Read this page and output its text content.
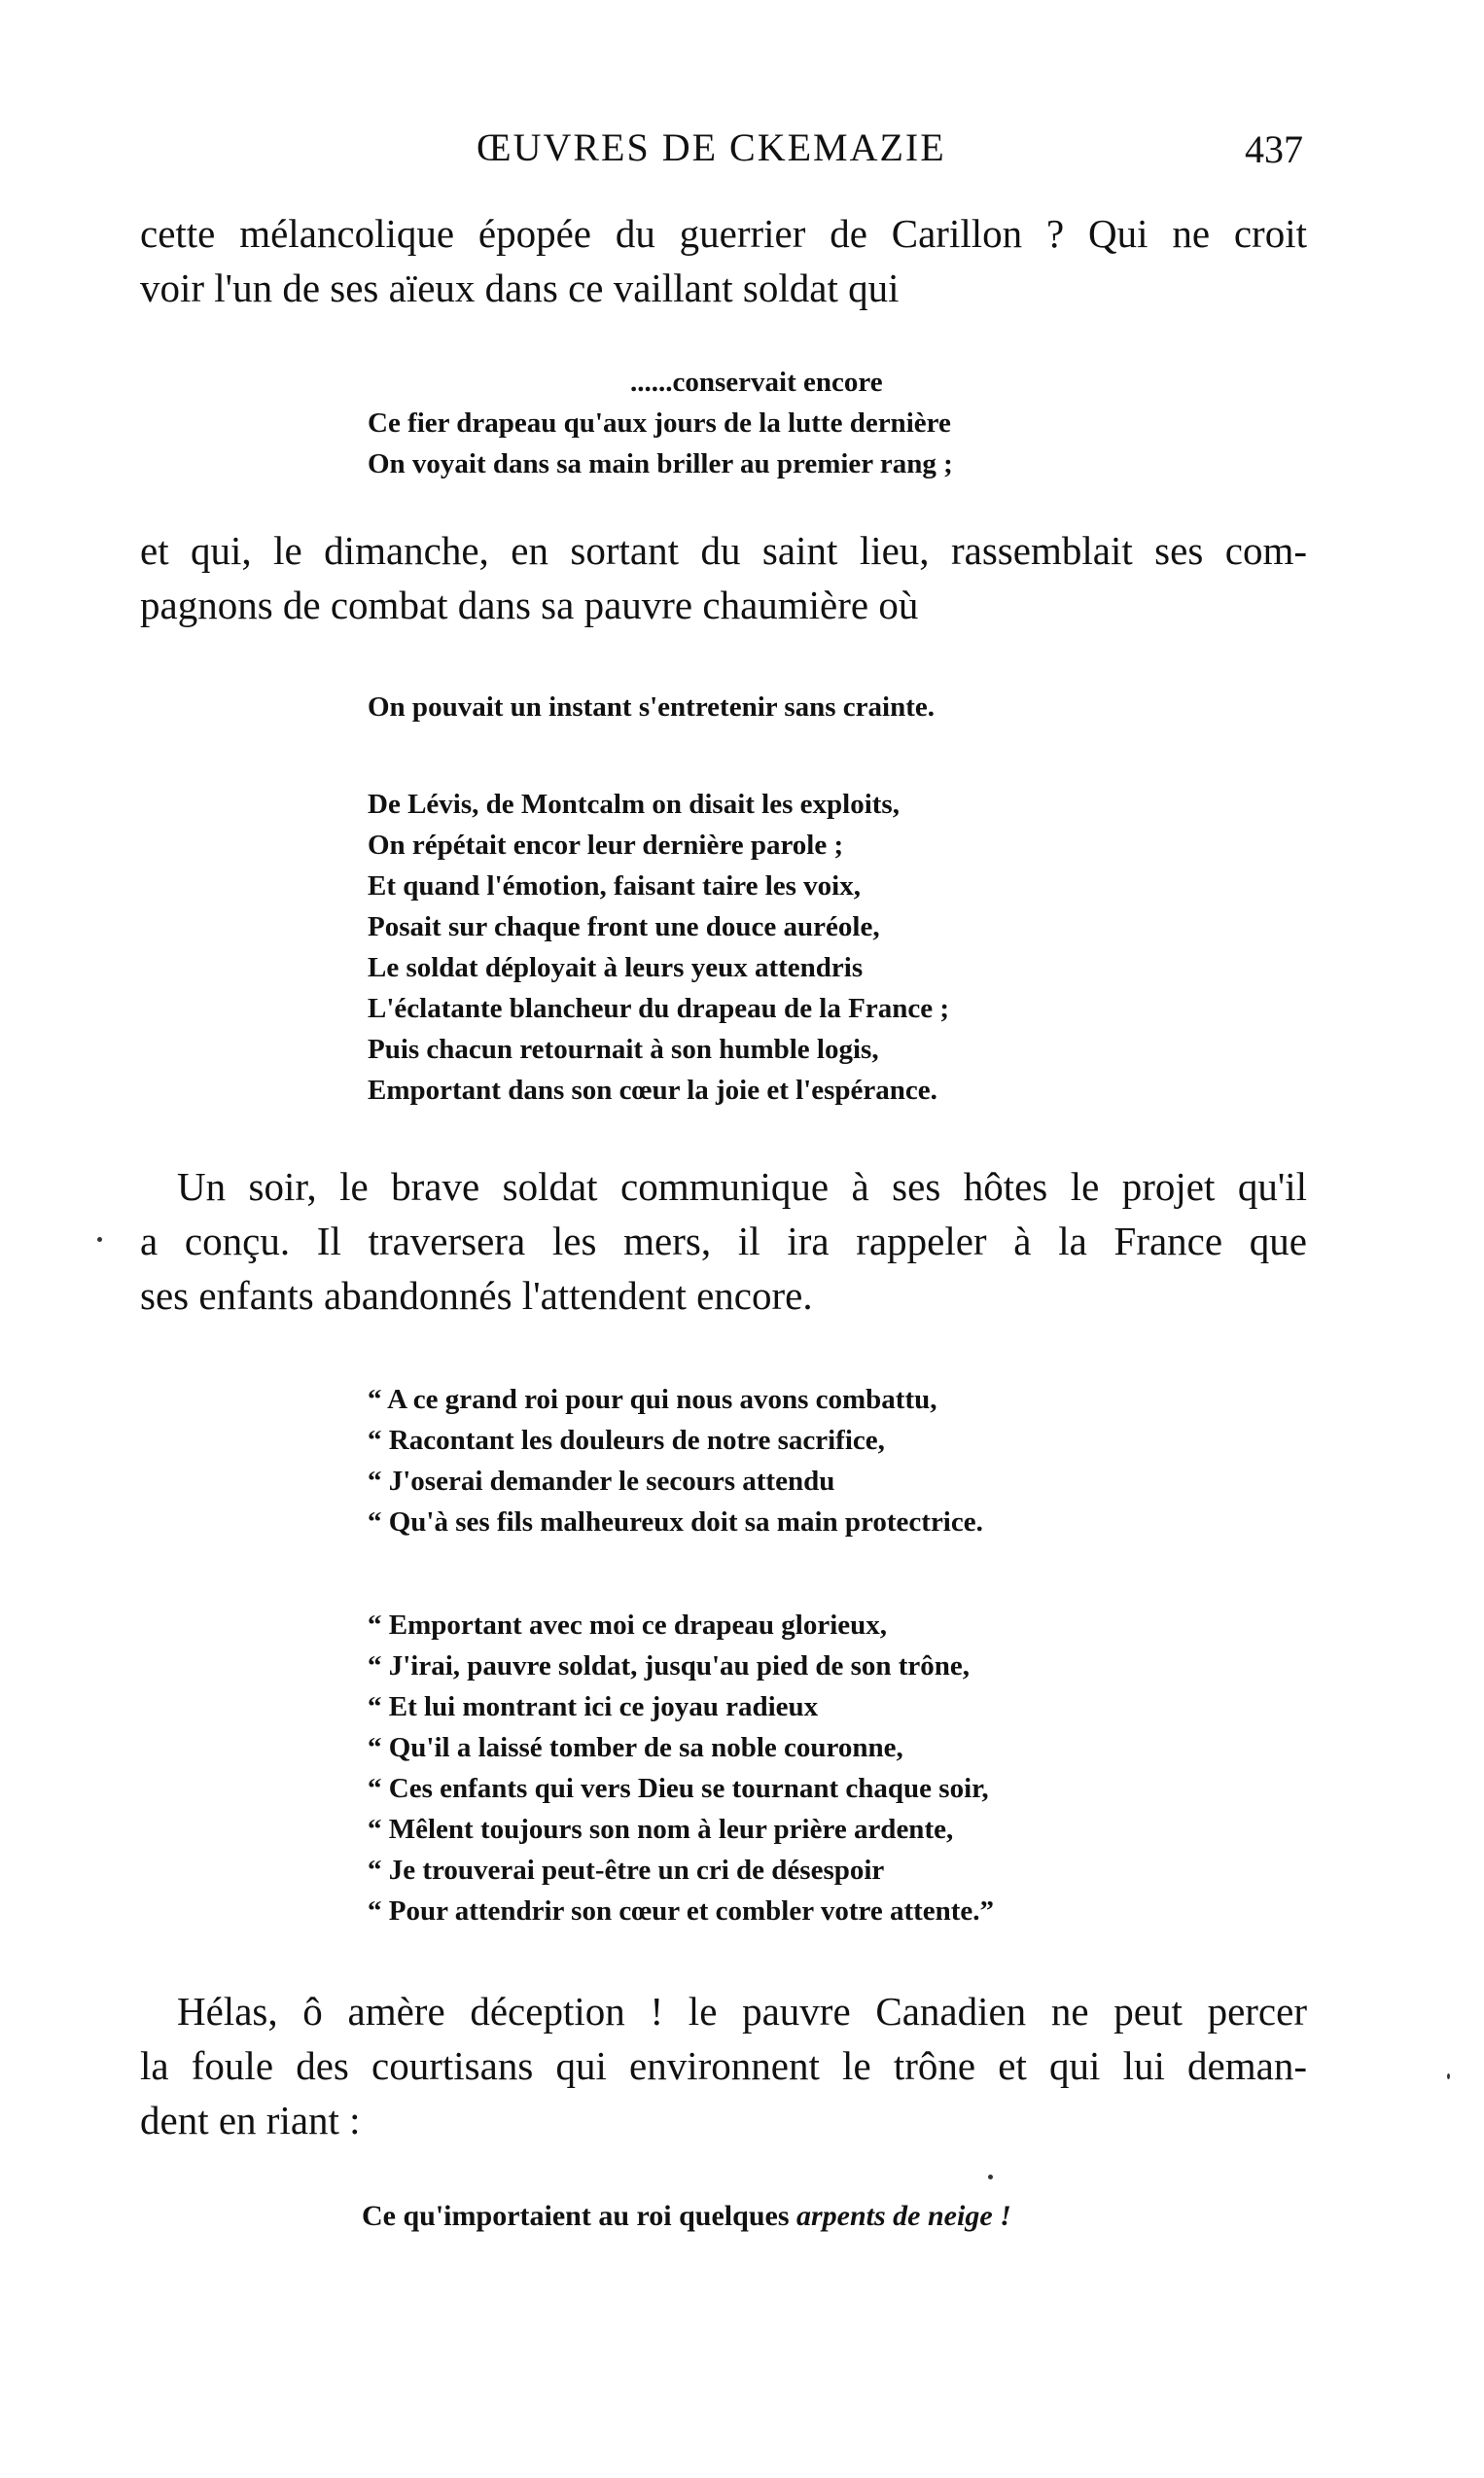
ŒUVRES DE CKEMAZIE	437
cette mélancolique épopée du guerrier de Carillon ? Qui ne croit
voir l'un de ses aïeux dans ce vaillant soldat qui
......conservait encore
Ce fier drapeau qu'aux jours de la lutte dernière
On voyait dans sa main briller au premier rang ;
et qui, le dimanche, en sortant du saint lieu, rassemblait ses com-
pagnons de combat dans sa pauvre chaumière où
On pouvait un instant s'entretenir sans crainte.
De Lévis, de Montcalm on disait les exploits,
On répétait encor leur dernière parole ;
Et quand l'émotion, faisant taire les voix,
Posait sur chaque front une douce auréole,
Le soldat déployait à leurs yeux attendris
L'éclatante blancheur du drapeau de la France ;
Puis chacun retournait à son humble logis,
Emportant dans son cœur la joie et l'espérance.
Un soir, le brave soldat communique à ses hôtes le projet qu'il
a conçu. Il traversera les mers, il ira rappeler à la France que
ses enfants abandonnés l'attendent encore.
“ A ce grand roi pour qui nous avons combattu,
“ Racontant les douleurs de notre sacrifice,
“ J'oserai demander le secours attendu
“ Qu'à ses fils malheureux doit sa main protectrice.
“ Emportant avec moi ce drapeau glorieux,
“ J'irai, pauvre soldat, jusqu'au pied de son trône,
“ Et lui montrant ici ce joyau radieux
“ Qu'il a laissé tomber de sa noble couronne,
“ Ces enfants qui vers Dieu se tournant chaque soir,
“ Mêlent toujours son nom à leur prière ardente,
“ Je trouverai peut-être un cri de désespoir
“ Pour attendrir son cœur et combler votre attente.”
Hélas, ô amère déception ! le pauvre Canadien ne peut percer
la foule des courtisans qui environnent le trône et qui lui deman-
dent en riant :
Ce qu'importaient au roi quelques arpents de neige !
